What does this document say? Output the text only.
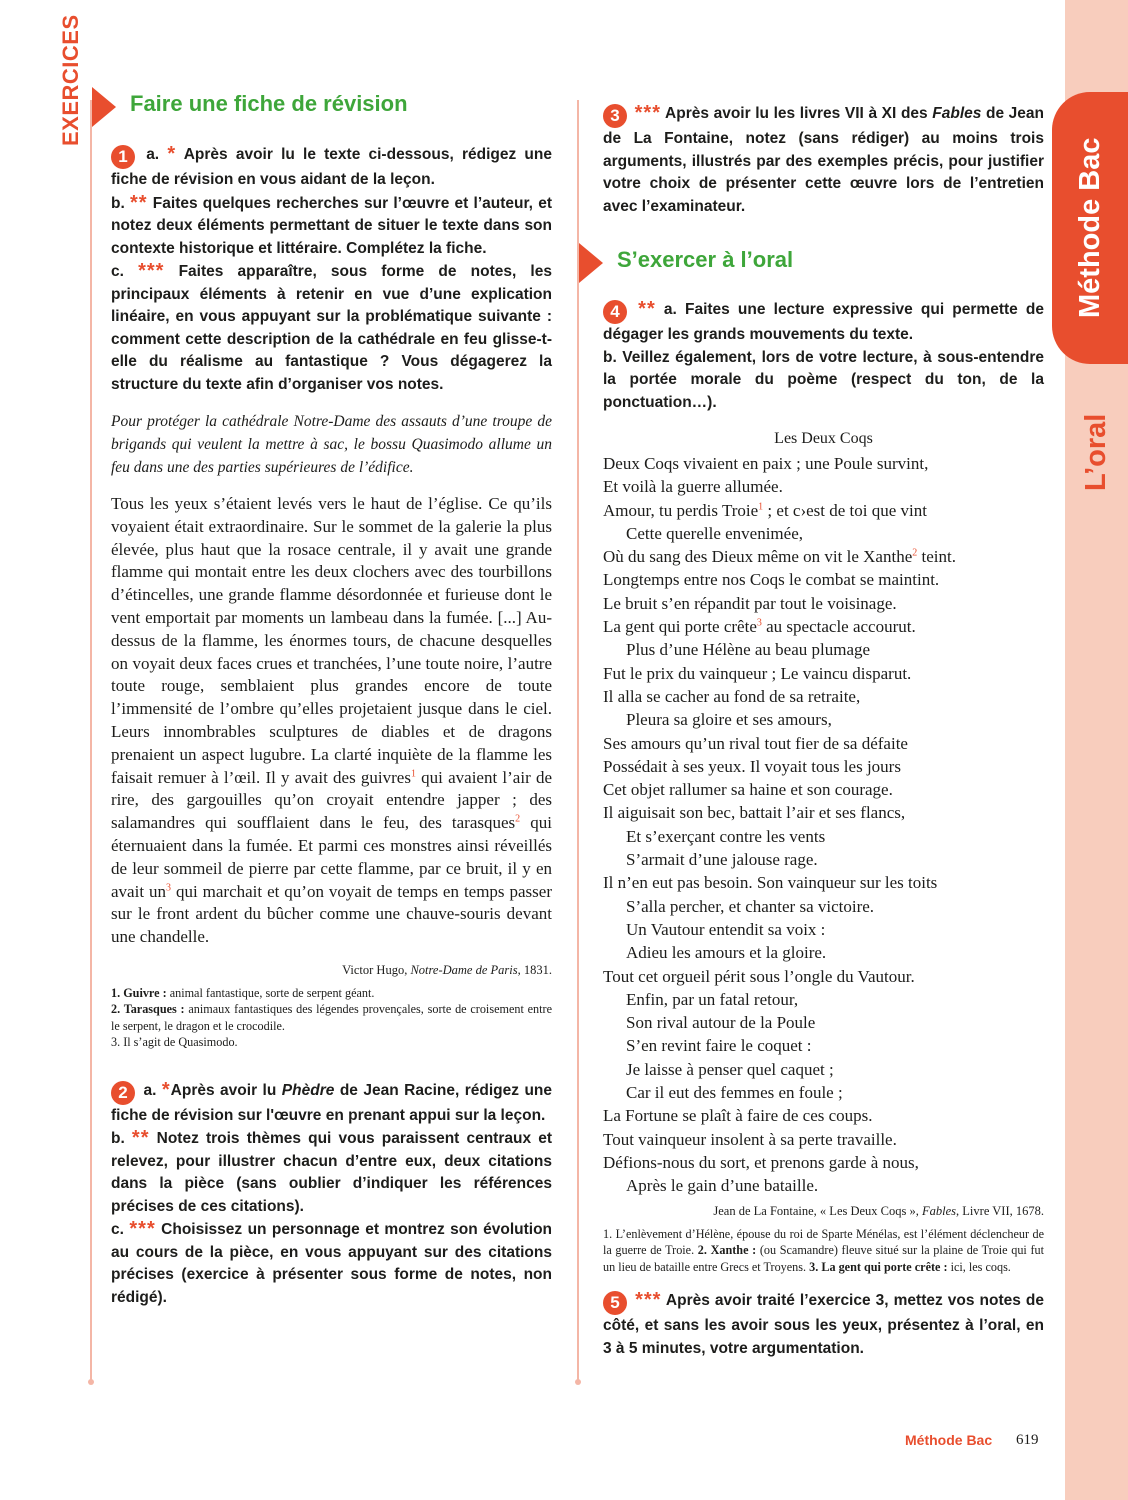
EXERCICES
Méthode Bac
L’oral
Faire une fiche de révision

1 a. * Après avoir lu le texte ci-dessous, rédigez une fiche de révision en vous aidant de la leçon.

b. ** Faites quelques recherches sur l’œuvre et l’auteur, et notez deux éléments permettant de situer le texte dans son contexte historique et littéraire. Complétez la fiche.

c. *** Faites apparaître, sous forme de notes, les principaux éléments à retenir en vue d’une explication linéaire, en vous appuyant sur la problématique suivante : comment cette description de la cathédrale en feu glisse-t-elle du réalisme au fantastique ? Vous dégagerez la structure du texte afin d’organiser vos notes.

Pour protéger la cathédrale Notre-Dame des assauts d’une troupe de brigands qui veulent la mettre à sac, le bossu Quasimodo allume un feu dans une des parties supérieures de l’édifice.

Tous les yeux s’étaient levés vers le haut de l’église. Ce qu’ils voyaient était extraordinaire. Sur le sommet de la galerie la plus élevée, plus haut que la rosace centrale, il y avait une grande flamme qui montait entre les deux clochers avec des tourbillons d’étincelles, une grande flamme désordonnée et furieuse dont le vent emportait par moments un lambeau dans la fumée. [...] Au-dessus de la flamme, les énormes tours, de chacune desquelles on voyait deux faces crues et tranchées, l’une toute noire, l’autre toute rouge, semblaient plus grandes encore de toute l’immensité de l’ombre qu’elles projetaient jusque dans le ciel. Leurs innombrables sculptures de diables et de dragons prenaient un aspect lugubre. La clarté inquiète de la flamme les faisait remuer à l’œil. Il y avait des guivres$^1$ qui avaient l’air de rire, des gargouilles qu’on croyait entendre japper ; des salamandres qui soufflaient dans le feu, des tarasques$^2$ qui éternuaient dans la fumée. Et parmi ces monstres ainsi réveillés de leur sommeil de pierre par cette flamme, par ce bruit, il y en avait $un^3$ qui marchait et qu’on voyait de temps en temps passer sur le front ardent du bûcher comme une chauve-souris devant une chandelle.

Victor Hugo, Notre-Dame de Paris, 1831.

1. Guivre : animal fantastique, sorte de serpent géant.

2. Tarasques : animaux fantastiques des légendes provençales, sorte de croisement entre le serpent, le dragon et le crocodile.

3. Il s’agit de Quasimodo.

2 a. *Après avoir lu Phèdre de Jean Racine, rédigez une fiche de révision sur l'œuvre en prenant appui sur la leçon.

b. ** Notez trois thèmes qui vous paraissent centraux et relevez, pour illustrer chacun d’entre eux, deux citations dans la pièce (sans oublier d’indiquer les références précises de ces citations).

c. *** Choisissez un personnage et montrez son évolution au cours de la pièce, en vous appuyant sur des citations précises (exercice à présenter sous forme de notes, non rédigé).

3 *** Après avoir lu les livres VII à XI des Fables de Jean de La Fontaine, notez (sans rédiger) au moins trois arguments, illustrés par des exemples précis, pour justifier votre choix de présenter cette œuvre lors de l’entretien avec l’examinateur.

S’exercer à l’oral

4 ** a. Faites une lecture expressive qui permette de dégager les grands mouvements du texte.

b. Veillez également, lors de votre lecture, à sous-entendre la portée morale du poème (respect du ton, de la ponctuation…).

Les Deux Coqs

Deux Coqs vivaient en paix ; une Poule survint,
Et voilà la guerre allumée.
Amour, tu perdis Troie$^1$ ; et c›est de toi que vint
Cette querelle envenimée,
Où du sang des Dieux même on vit le Xanthe$^2$ teint.
Longtemps entre nos Coqs le combat se maintint.
Le bruit s’en répandit par tout le voisinage.
La gent qui porte crête$^3$ au spectacle accourut.
Plus d’une Hélène au beau plumage
Fut le prix du vainqueur ; Le vaincu disparut.
Il alla se cacher au fond de sa retraite,
Pleura sa gloire et ses amours,
Ses amours qu’un rival tout fier de sa défaite
Possédait à ses yeux. Il voyait tous les jours
Cet objet rallumer sa haine et son courage.
Il aiguisait son bec, battait l’air et ses flancs,
Et s’exerçant contre les vents
S’armait d’une jalouse rage.
Il n’en eut pas besoin. Son vainqueur sur les toits
S’alla percher, et chanter sa victoire.
Un Vautour entendit sa voix :
Adieu les amours et la gloire.
Tout cet orgueil périt sous l’ongle du Vautour.
Enfin, par un fatal retour,
Son rival autour de la Poule
S’en revint faire le coquet :
Je laisse à penser quel caquet ;
Car il eut des femmes en foule ;
La Fortune se plaît à faire de ces coups.
Tout vainqueur insolent à sa perte travaille.
Défions-nous du sort, et prenons garde à nous,
Après le gain d’une bataille.

Jean de La Fontaine, « Les Deux Coqs », Fables, Livre VII, 1678.

1. L’enlèvement d’Hélène, épouse du roi de Sparte Ménélas, est l’élément déclencheur de la guerre de Troie. 2. Xanthe : (ou Scamandre) fleuve situé sur la plaine de Troie qui fut un lieu de bataille entre Grecs et Troyens. 3. La gent qui porte crête : ici, les coqs.

5 *** Après avoir traité l’exercice 3, mettez vos notes de côté, et sans les avoir sous les yeux, présentez à l’oral, en 3 à 5 minutes, votre argumentation.

Méthode Bac 619
